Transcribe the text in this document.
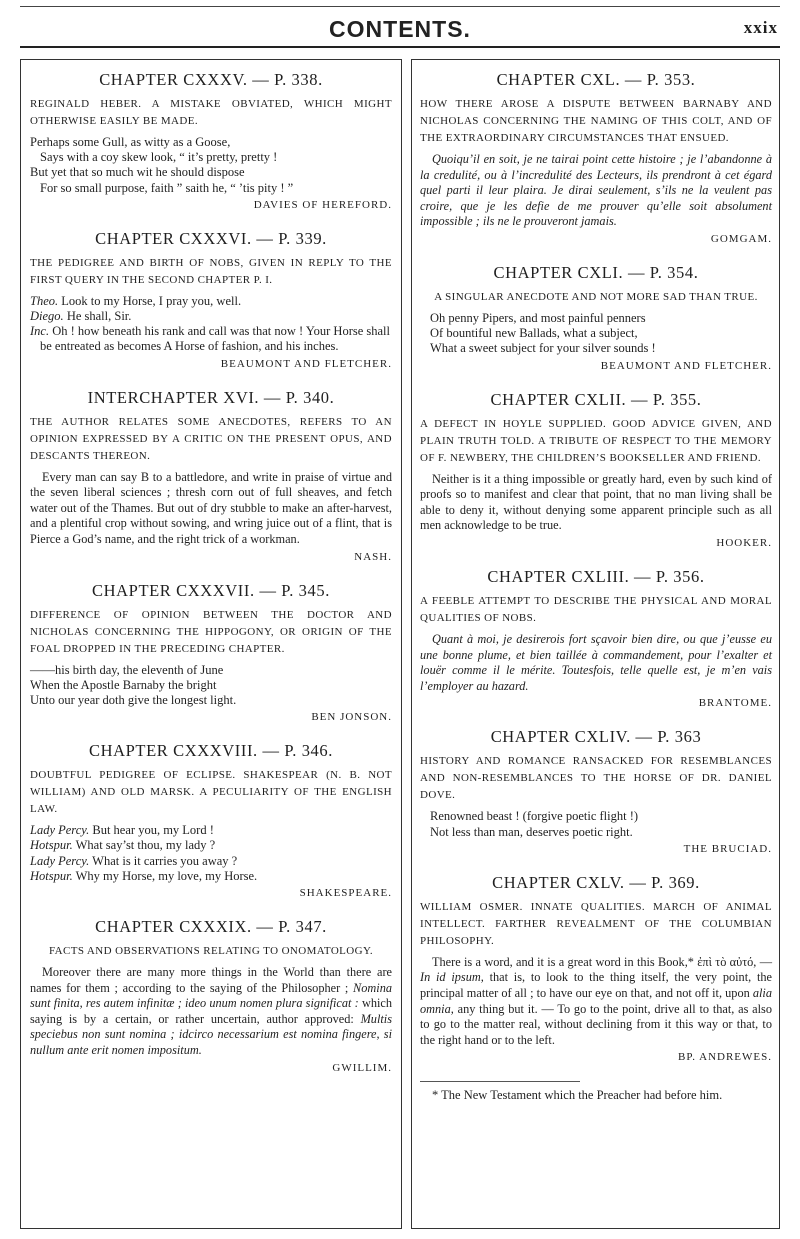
CONTENTS.	xxix
CHAPTER CXXXV. — P. 338.

REGINALD HEBER. A MISTAKE OBVIATED, WHICH MIGHT OTHERWISE EASILY BE MADE.

Perhaps some Gull, as witty as a Goose,
Says with a coy skew look, “ it’s pretty, pretty !
But yet that so much wit he should dispose
For so small purpose, faith ” saith he, “ ’tis pity ! ”

DAVIES OF HEREFORD.

CHAPTER CXXXVI. — P. 339.

THE PEDIGREE AND BIRTH OF NOBS, GIVEN IN REPLY TO THE FIRST QUERY IN THE SECOND CHAPTER P. I.

Theo. Look to my Horse, I pray you, well.
Diego. He shall, Sir.
Inc. Oh ! how beneath his rank and call was that now ! Your Horse shall be entreated as becomes A Horse of fashion, and his inches.

BEAUMONT AND FLETCHER.

INTERCHAPTER XVI. — P. 340.

THE AUTHOR RELATES SOME ANECDOTES, REFERS TO AN OPINION EXPRESSED BY A CRITIC ON THE PRESENT OPUS, AND DESCANTS THEREON.

Every man can say B to a battledore, and write in praise of virtue and the seven liberal sciences ; thresh corn out of full sheaves, and fetch water out of the Thames. But out of dry stubble to make an after-harvest, and a plentiful crop without sowing, and wring juice out of a flint, that is Pierce a God’s name, and the right trick of a workman.

NASH.

CHAPTER CXXXVII. — P. 345.

DIFFERENCE OF OPINION BETWEEN THE DOCTOR AND NICHOLAS CONCERNING THE HIPPOGONY, OR ORIGIN OF THE FOAL DROPPED IN THE PRECEDING CHAPTER.

——his birth day, the eleventh of June
When the Apostle Barnaby the bright
Unto our year doth give the longest light.

BEN JONSON.

CHAPTER CXXXVIII. — P. 346.

DOUBTFUL PEDIGREE OF ECLIPSE. SHAKESPEAR (N. B. NOT WILLIAM) AND OLD MARSK. A PECULIARITY OF THE ENGLISH LAW.

Lady Percy. But hear you, my Lord !
Hotspur. What say’st thou, my lady ?
Lady Percy. What is it carries you away ?
Hotspur. Why my Horse, my love, my Horse.

SHAKESPEARE.

CHAPTER CXXXIX. — P. 347.

FACTS AND OBSERVATIONS RELATING TO ONOMATOLOGY.

Moreover there are many more things in the World than there are names for them ; according to the saying of the Philosopher ; Nomina sunt finita, res autem infinitæ ; ideo unum nomen plura significat : which saying is by a certain, or rather uncertain, author approved: Multis speciebus non sunt nomina ; idcirco necessarium est nomina fingere, si nullum ante erit nomen impositum.

GWILLIM.

CHAPTER CXL. — P. 353.

HOW THERE AROSE A DISPUTE BETWEEN BARNABY AND NICHOLAS CONCERNING THE NAMING OF THIS COLT, AND OF THE EXTRAORDINARY CIRCUMSTANCES THAT ENSUED.

Quoiqu’il en soit, je ne tairai point cette histoire ; je l’abandonne à la credulité, ou à l’incredulité des Lecteurs, ils prendront à cet égard quel parti il leur plaira. Je dirai seulement, s’ils ne la veulent pas croire, que je les defie de me prouver qu’elle soit absolument impossible ; ils ne le prouveront jamais.

GOMGAM.

CHAPTER CXLI. — P. 354.

A SINGULAR ANECDOTE AND NOT MORE SAD THAN TRUE.

Oh penny Pipers, and most painful penners
Of bountiful new Ballads, what a subject,
What a sweet subject for your silver sounds !

BEAUMONT AND FLETCHER.

CHAPTER CXLII. — P. 355.

A DEFECT IN HOYLE SUPPLIED. GOOD ADVICE GIVEN, AND PLAIN TRUTH TOLD. A TRIBUTE OF RESPECT TO THE MEMORY OF F. NEWBERY, THE CHILDREN’S BOOKSELLER AND FRIEND.

Neither is it a thing impossible or greatly hard, even by such kind of proofs so to manifest and clear that point, that no man living shall be able to deny it, without denying some apparent principle such as all men acknowledge to be true.

HOOKER.

CHAPTER CXLIII. — P. 356.

A FEEBLE ATTEMPT TO DESCRIBE THE PHYSICAL AND MORAL QUALITIES OF NOBS.

Quant à moi, je desirerois fort sçavoir bien dire, ou que j’eusse eu une bonne plume, et bien taillée à commandement, pour l’exalter et louër comme il le mérite. Toutesfois, telle quelle est, je m’en vais l’employer au hazard.

BRANTOME.

CHAPTER CXLIV. — P. 363

HISTORY AND ROMANCE RANSACKED FOR RESEMBLANCES AND NON-RESEMBLANCES TO THE HORSE OF DR. DANIEL DOVE.

Renowned beast ! (forgive poetic flight !)
Not less than man, deserves poetic right.

THE BRUCIAD.

CHAPTER CXLV. — P. 369.

WILLIAM OSMER. INNATE QUALITIES. MARCH OF ANIMAL INTELLECT. FARTHER REVEALMENT OF THE COLUMBIAN PHILOSOPHY.

There is a word, and it is a great word in this Book,* ἐπὶ τὸ αὐτό, — In id ipsum, that is, to look to the thing itself, the very point, the principal matter of all ; to have our eye on that, and not off it, upon alia omnia, any thing but it. — To go to the point, drive all to that, as also to go to the matter real, without declining from it this way or that, to the right hand or to the left.

BP. ANDREWES.

* The New Testament which the Preacher had before him.
